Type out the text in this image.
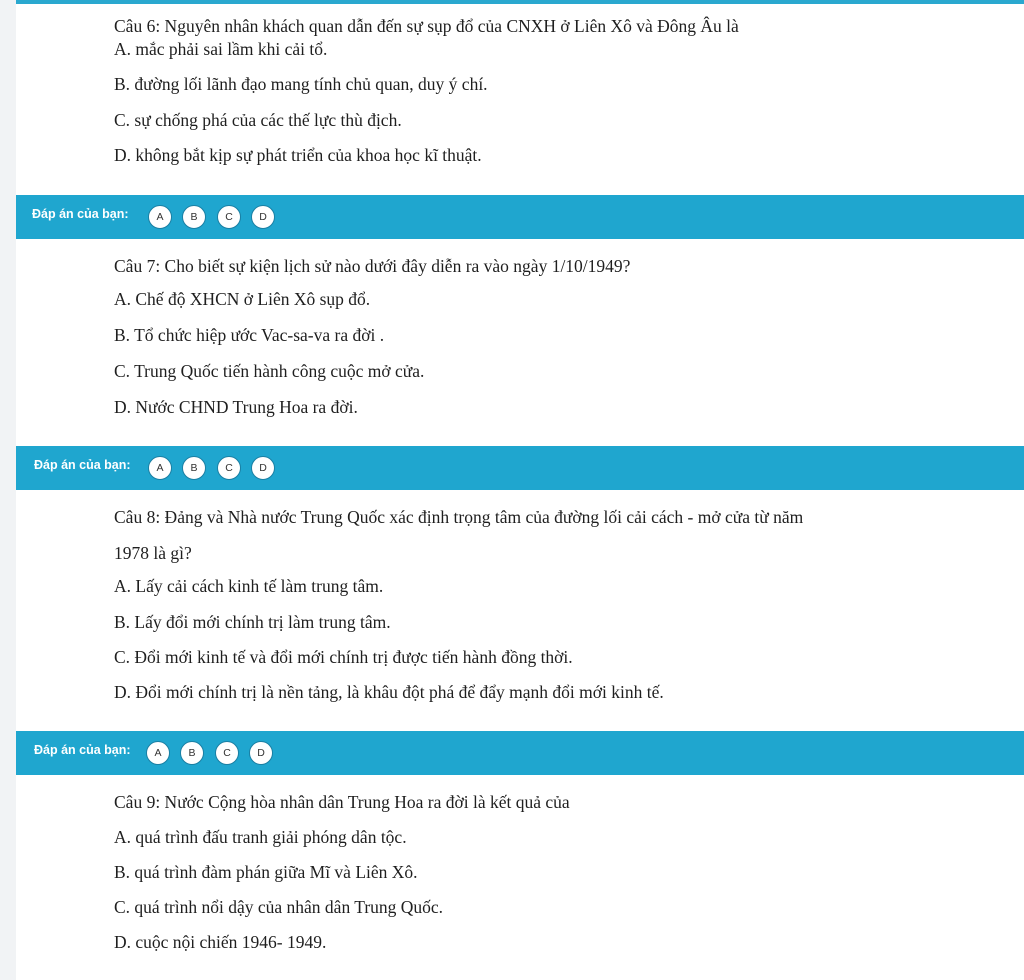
Câu 6: Nguyên nhân khách quan dẫn đến sự sụp đổ của CNXH ở Liên Xô và Đông Âu là
A. mắc phải sai lầm khi cải tổ.
B. đường lối lãnh đạo mang tính chủ quan, duy ý chí.
C. sự chống phá của các thế lực thù địch.
D. không bắt kịp sự phát triển của khoa học kĩ thuật.
Đáp án của bạn:	A	B	C	D
Câu 7: Cho biết sự kiện lịch sử nào dưới đây diễn ra vào ngày 1/10/1949?
A. Chế độ XHCN ở Liên Xô sụp đổ.
B. Tổ chức hiệp ước Vac-sa-va ra đời .
C. Trung Quốc tiến hành công cuộc mở cửa.
D. Nước CHND Trung Hoa ra đời.
Đáp án của bạn:	A	B	C	D
Câu 8: Đảng và Nhà nước Trung Quốc xác định trọng tâm của đường lối cải cách - mở cửa từ năm
1978 là gì?
A. Lấy cải cách kinh tế làm trung tâm.
B. Lấy đổi mới chính trị làm trung tâm.
C. Đổi mới kinh tế và đổi mới chính trị được tiến hành đồng thời.
D. Đổi mới chính trị là nền tảng, là khâu đột phá để đẩy mạnh đổi mới kinh tế.
Đáp án của bạn:	A	B	C	D
Câu 9: Nước Cộng hòa nhân dân Trung Hoa ra đời là kết quả của
A. quá trình đấu tranh giải phóng dân tộc.
B. quá trình đàm phán giữa Mĩ và Liên Xô.
C. quá trình nổi dậy của nhân dân Trung Quốc.
D. cuộc nội chiến 1946- 1949.
